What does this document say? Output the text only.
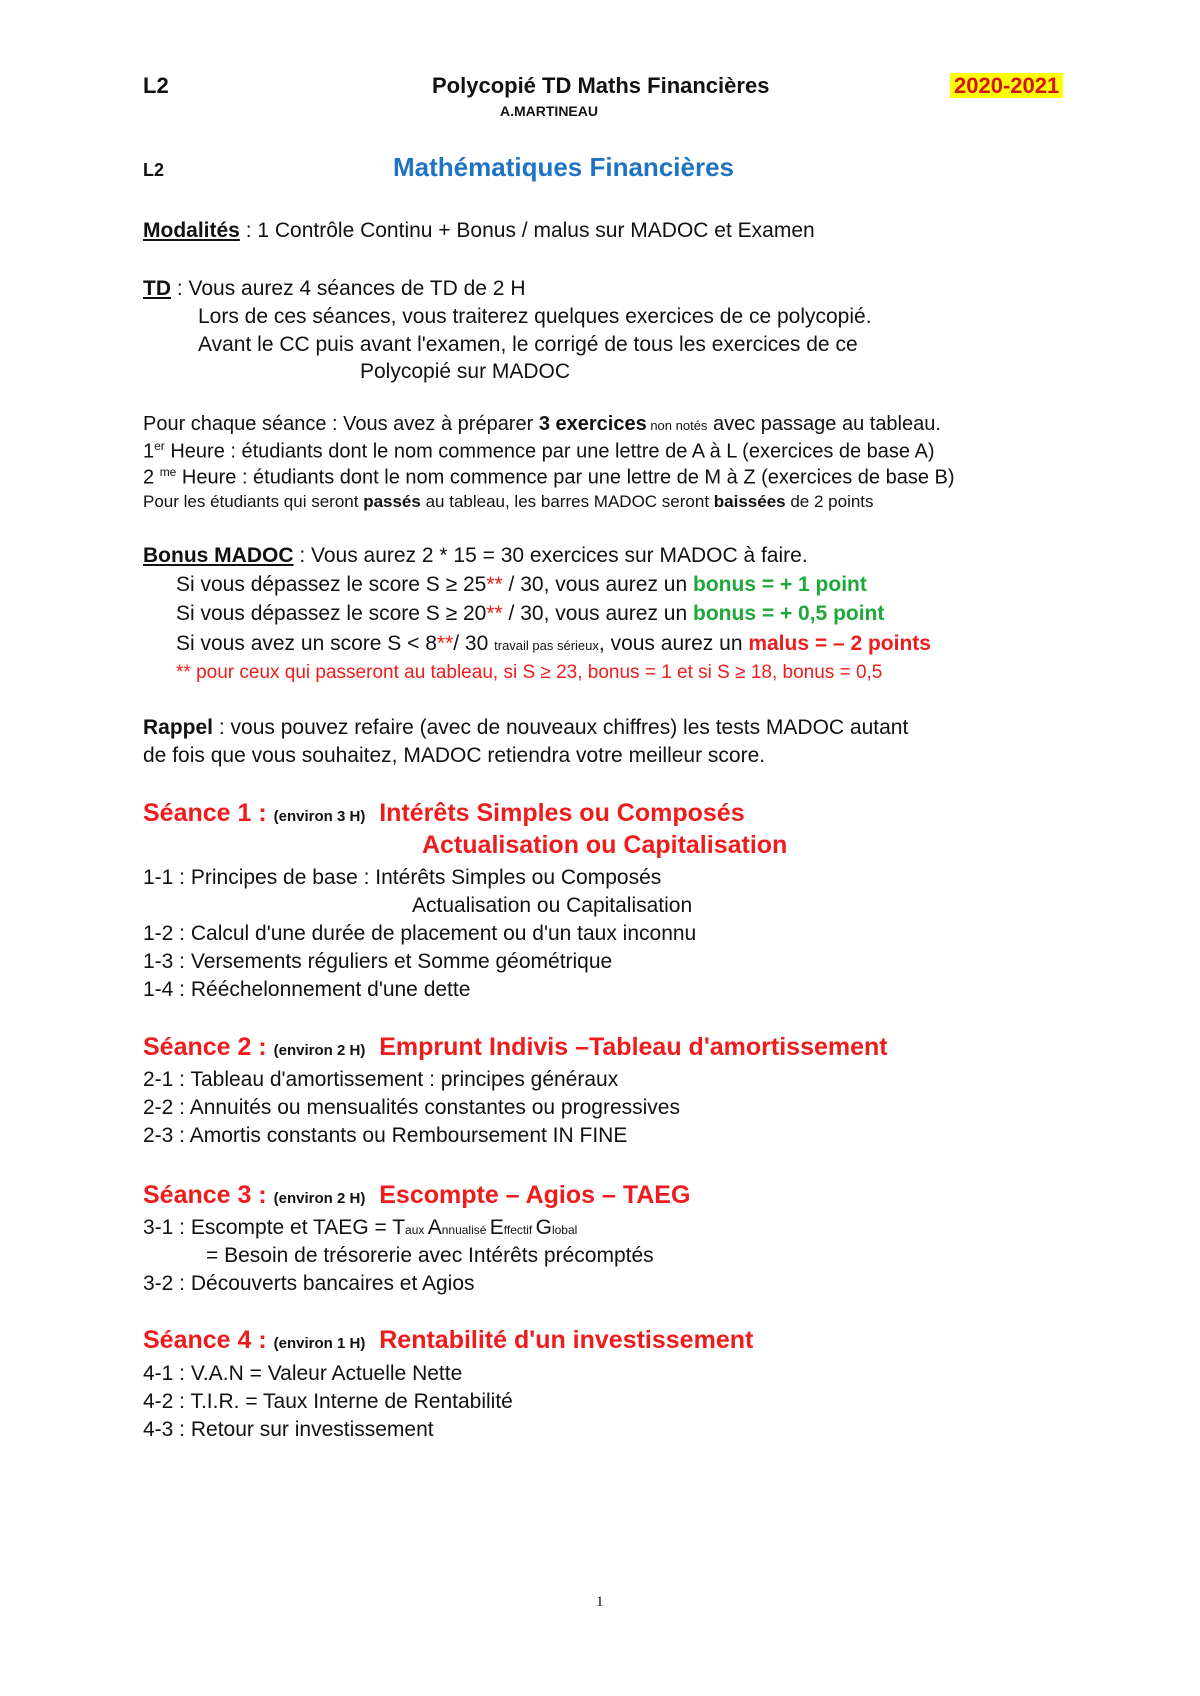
L2	Polycopié TD Maths Financières	2020-2021
A.MARTINEAU
L2	Mathématiques Financières
Modalités : 1 Contrôle Continu + Bonus / malus sur MADOC et Examen
TD : Vous aurez 4 séances de TD de 2 H
Lors de ces séances, vous traiterez quelques exercices de ce polycopié.
Avant le CC puis avant l'examen, le corrigé de tous les exercices de ce
Polycopié sur MADOC
Pour chaque séance : Vous avez à préparer 3 exercices non notés avec passage au tableau.
1er Heure : étudiants dont le nom commence par une lettre de A à L (exercices de base A)
2 $^{me}$ Heure : étudiants dont le nom commence par une lettre de M à Z (exercices de base B)
Pour les étudiants qui seront passés au tableau, les barres MADOC seront baissées de 2 points
Bonus MADOC : Vous aurez 2 * 15 = 30 exercices sur MADOC à faire.
Si vous dépassez le score S ≥ 25** / 30, vous aurez un bonus = + 1 point
Si vous dépassez le score S ≥ 20** / 30, vous aurez un bonus = + 0,5 point
Si vous avez un score S < 8**/ 30 travail pas sérieux, vous aurez un malus = – 2 points
** pour ceux qui passeront au tableau, si S ≥ 23, bonus = 1 et si S ≥ 18, bonus = 0,5
Rappel : vous pouvez refaire (avec de nouveaux chiffres) les tests MADOC autant
de fois que vous souhaitez, MADOC retiendra votre meilleur score.
Séance 1 : (environ 3 H) Intérêts Simples ou Composés
Actualisation ou Capitalisation
1-1 : Principes de base : Intérêts Simples ou Composés
Actualisation ou Capitalisation
1-2 : Calcul d'une durée de placement ou d'un taux inconnu
1-3 : Versements réguliers et Somme géométrique
1-4 : Rééchelonnement d'une dette
Séance 2 : (environ 2 H) Emprunt Indivis –Tableau d'amortissement
2-1 : Tableau d'amortissement : principes généraux
2-2 : Annuités ou mensualités constantes ou progressives
2-3 : Amortis constants ou Remboursement IN FINE
Séance 3 : (environ 2 H) Escompte – Agios – TAEG
3-1 : Escompte et TAEG = Taux Annualisé Effectif Global
= Besoin de trésorerie avec Intérêts précomptés
3-2 : Découverts bancaires et Agios
Séance 4 : (environ 1 H) Rentabilité d'un investissement
4-1 : V.A.N = Valeur Actuelle Nette
4-2 : T.I.R. = Taux Interne de Rentabilité
4-3 : Retour sur investissement
1
